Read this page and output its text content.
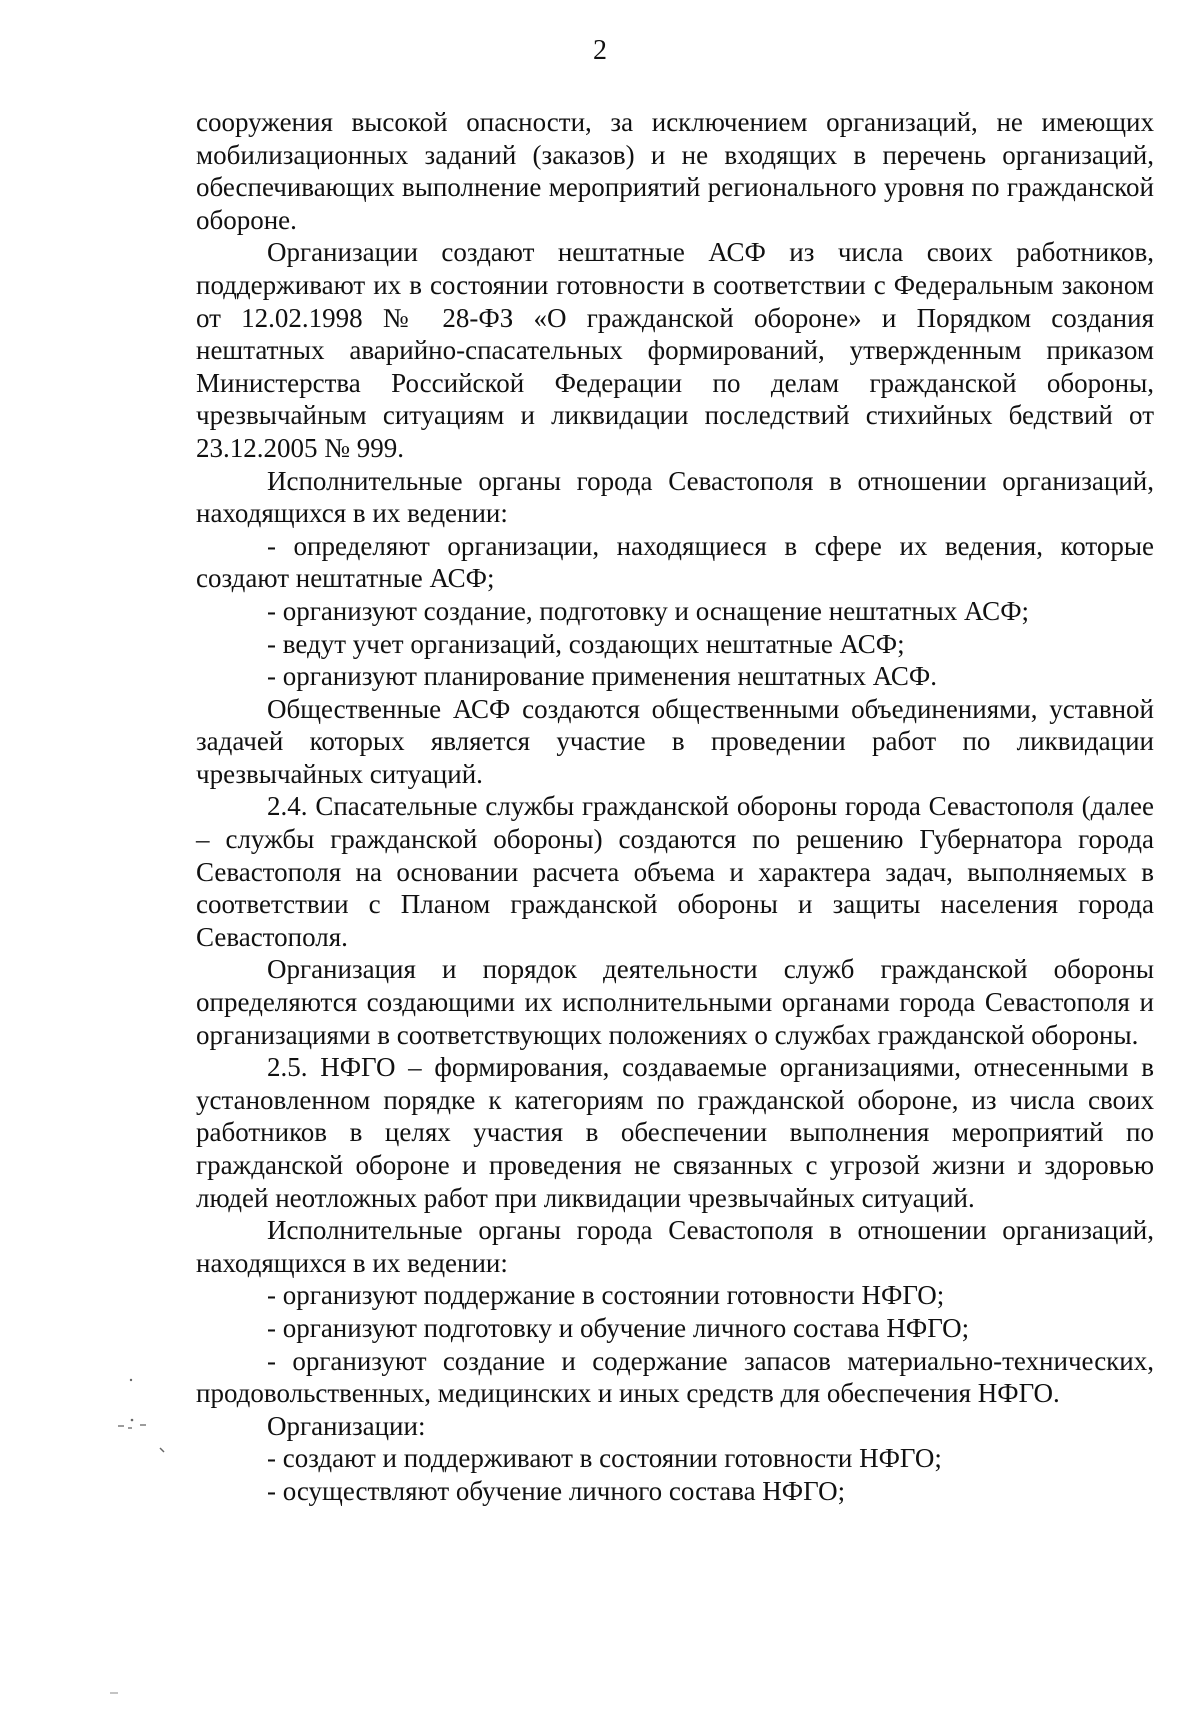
2

сооружения высокой опасности, за исключением организаций, не имеющих мобилизационных заданий (заказов) и не входящих в перечень организаций, обеспечивающих выполнение мероприятий регионального уровня по гражданской обороне.

Организации создают нештатные АСФ из числа своих работников, поддерживают их в состоянии готовности в соответствии с Федеральным законом от 12.02.1998 № 28-ФЗ «О гражданской обороне» и Порядком создания нештатных аварийно-спасательных формирований, утвержденным приказом Министерства Российской Федерации по делам гражданской обороны, чрезвычайным ситуациям и ликвидации последствий стихийных бедствий от 23.12.2005 № 999.

Исполнительные органы города Севастополя в отношении организаций, находящихся в их ведении:

- определяют организации, находящиеся в сфере их ведения, которые создают нештатные АСФ;

- организуют создание, подготовку и оснащение нештатных АСФ;

- ведут учет организаций, создающих нештатные АСФ;

- организуют планирование применения нештатных АСФ.

Общественные АСФ создаются общественными объединениями, уставной задачей которых является участие в проведении работ по ликвидации чрезвычайных ситуаций.

2.4. Спасательные службы гражданской обороны города Севастополя (далее – службы гражданской обороны) создаются по решению Губернатора города Севастополя на основании расчета объема и характера задач, выполняемых в соответствии с Планом гражданской обороны и защиты населения города Севастополя.

Организация и порядок деятельности служб гражданской обороны определяются создающими их исполнительными органами города Севастополя и организациями в соответствующих положениях о службах гражданской обороны.

2.5. НФГО – формирования, создаваемые организациями, отнесенными в установленном порядке к категориям по гражданской обороне, из числа своих работников в целях участия в обеспечении выполнения мероприятий по гражданской обороне и проведения не связанных с угрозой жизни и здоровью людей неотложных работ при ликвидации чрезвычайных ситуаций.

Исполнительные органы города Севастополя в отношении организаций, находящихся в их ведении:

- организуют поддержание в состоянии готовности НФГО;

- организуют подготовку и обучение личного состава НФГО;

- организуют создание и содержание запасов материально-технических, продовольственных, медицинских и иных средств для обеспечения НФГО.

Организации:

- создают и поддерживают в состоянии готовности НФГО;

- осуществляют обучение личного состава НФГО;
